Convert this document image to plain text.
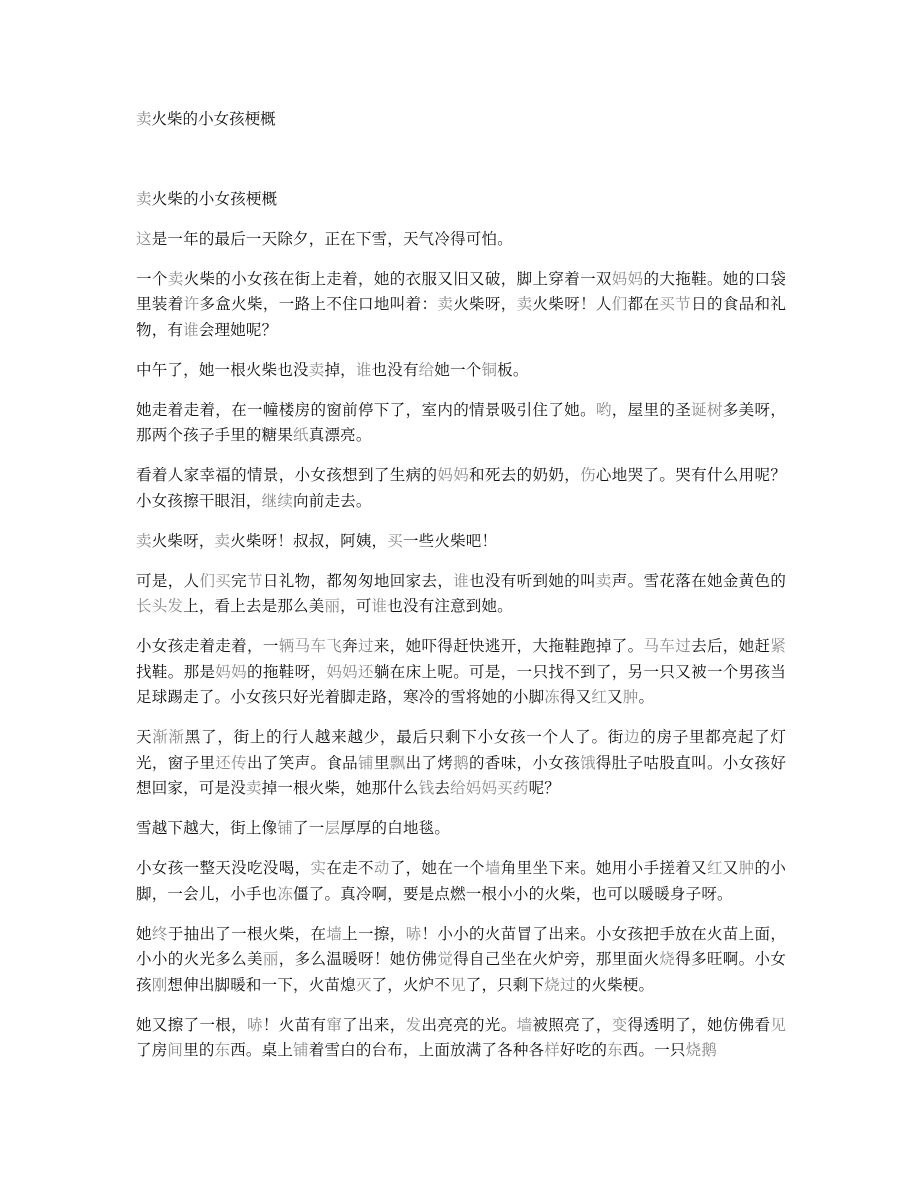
卖火柴的小女孩梗概

卖火柴的小女孩梗概

这是一年的最后一天除夕，正在下雪，天气冷得可怕。

一个卖火柴的小女孩在街上走着，她的衣服又旧又破，脚上穿着一双妈妈的大拖鞋。她的口袋里装着许多盒火柴，一路上不住口地叫着：卖火柴呀，卖火柴呀！人们都在买节日的食品和礼物，有谁会理她呢？

中午了，她一根火柴也没卖掉，谁也没有给她一个铜板。

她走着走着，在一幢楼房的窗前停下了，室内的情景吸引住了她。哟，屋里的圣诞树多美呀，那两个孩子手里的糖果纸真漂亮。

看着人家幸福的情景，小女孩想到了生病的妈妈和死去的奶奶，伤心地哭了。哭有什么用呢？小女孩擦干眼泪，继续向前走去。

卖火柴呀，卖火柴呀！叔叔，阿姨，买一些火柴吧！

可是，人们买完节日礼物，都匆匆地回家去，谁也没有听到她的叫卖声。雪花落在她金黄色的长头发上，看上去是那么美丽，可谁也没有注意到她。

小女孩走着走着，一辆马车飞奔过来，她吓得赶快逃开，大拖鞋跑掉了。马车过去后，她赶紧找鞋。那是妈妈的拖鞋呀，妈妈还躺在床上呢。可是，一只找不到了，另一只又被一个男孩当足球踢走了。小女孩只好光着脚走路，寒冷的雪将她的小脚冻得又红又肿。

天渐渐黑了，街上的行人越来越少，最后只剩下小女孩一个人了。街边的房子里都亮起了灯光，窗子里还传出了笑声。食品铺里飘出了烤鹅的香味，小女孩饿得肚子咕股直叫。小女孩好想回家，可是没卖掉一根火柴，她那什么钱去给妈妈买药呢？

雪越下越大，街上像铺了一层厚厚的白地毯。

小女孩一整天没吃没喝，实在走不动了，她在一个墙角里坐下来。她用小手搓着又红又肿的小脚，一会儿，小手也冻僵了。真冷啊，要是点燃一根小小的火柴，也可以暖暖身子呀。

她终于抽出了一根火柴，在墙上一擦，哧！小小的火苗冒了出来。小女孩把手放在火苗上面，小小的火光多么美丽，多么温暖呀！她仿佛觉得自己坐在火炉旁，那里面火烧得多旺啊。小女孩刚想伸出脚暖和一下，火苗熄灭了，火炉不见了，只剩下烧过的火柴梗。

她又擦了一根，哧！火苗有窜了出来，发出亮亮的光。墙被照亮了，变得透明了，她仿佛看见了房间里的东西。桌上铺着雪白的台布，上面放满了各种各样好吃的东西。一只烧鹅
